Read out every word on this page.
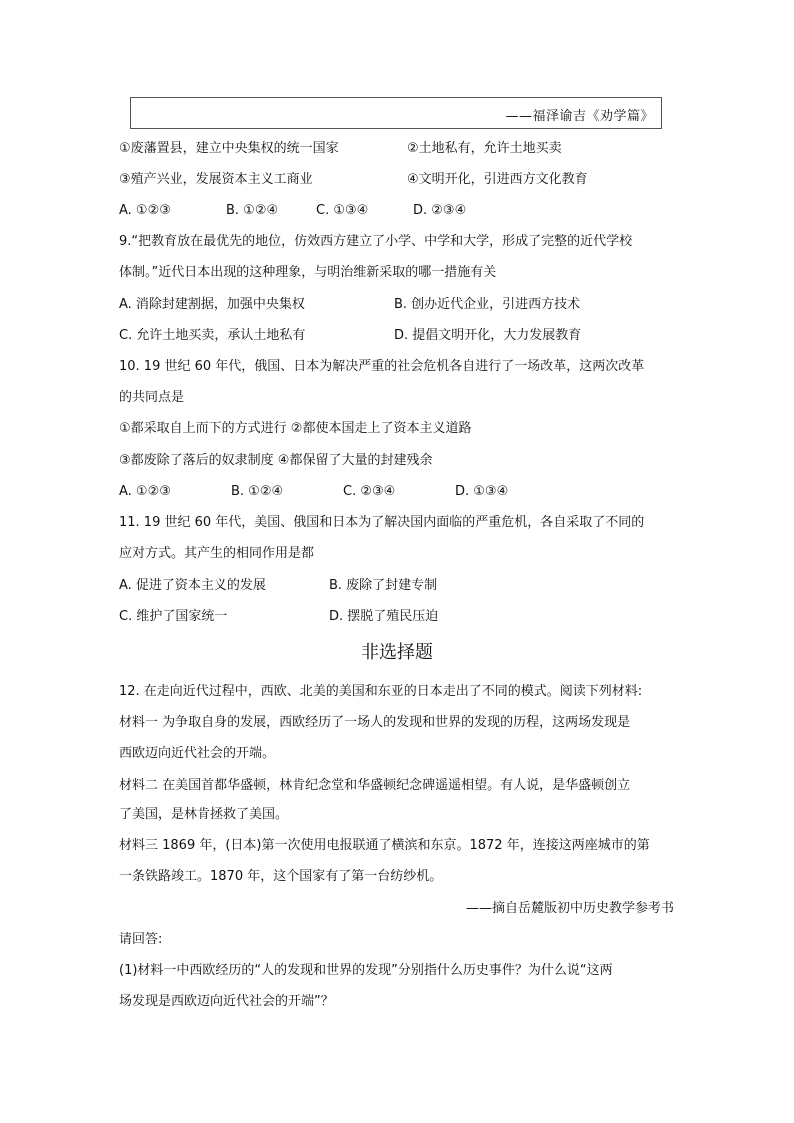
——福泽谕吉《劝学篇》
①废藩置县，建立中央集权的统一国家	②土地私有，允许土地买卖
③殖产兴业，发展资本主义工商业	④文明开化，引进西方文化教育
A. ①②③	B. ①②④	C. ①③④	D. ②③④
9.“把教育放在最优先的地位，仿效西方建立了小学、中学和大学，形成了完整的近代学校
体制。”近代日本出现的这种理象，与明治维新采取的哪一措施有关
A. 消除封建割据，加强中央集权	B. 创办近代企业，引进西方技术
C. 允许土地买卖，承认土地私有	D. 提倡文明开化，大力发展教育
10. 19 世纪 60 年代，俄国、日本为解决严重的社会危机各自进行了一场改革，这两次改革
的共同点是
①都采取自上而下的方式进行 ②都使本国走上了资本主义道路
③都废除了落后的奴隶制度 ④都保留了大量的封建残余
A. ①②③	B. ①②④	C. ②③④	D. ①③④
11. 19 世纪 60 年代，美国、俄国和日本为了解决国内面临的严重危机，各自采取了不同的
应对方式。其产生的相同作用是都
A. 促进了资本主义的发展	B. 废除了封建专制
C. 维护了国家统一	D. 摆脱了殖民压迫
非选择题
12. 在走向近代过程中，西欧、北美的美国和东亚的日本走出了不同的模式。阅读下列材料:
材料一 为争取自身的发展，西欧经历了一场人的发现和世界的发现的历程，这两场发现是
西欧迈向近代社会的开端。
材料二 在美国首都华盛顿，林肯纪念堂和华盛顿纪念碑遥遥相望。有人说，是华盛顿创立
了美国，是林肯拯救了美国。
材料三 1869 年，(日本)第一次使用电报联通了横滨和东京。1872 年，连接这两座城市的第
一条铁路竣工。1870 年，这个国家有了第一台纺纱机。
——摘自岳麓版初中历史教学参考书
请回答:
(1)材料一中西欧经历的“人的发现和世界的发现”分别指什么历史事件？为什么说“这两
场发现是西欧迈向近代社会的开端”？
